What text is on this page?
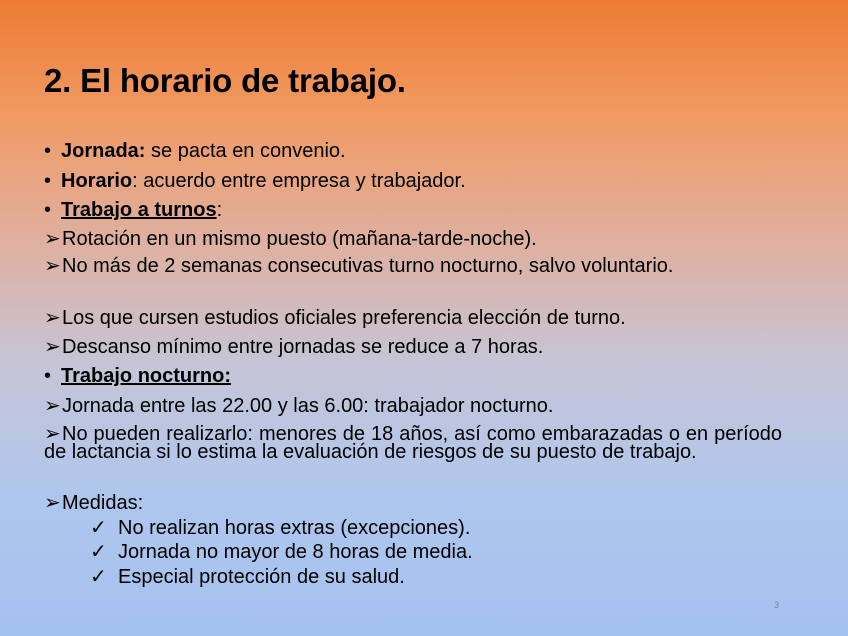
2. El horario de trabajo.
• Jornada: se pacta en convenio.
• Horario: acuerdo entre empresa y trabajador.
• Trabajo a turnos:
➢Rotación en un mismo puesto (mañana-tarde-noche).
➢No más de 2 semanas consecutivas turno nocturno, salvo voluntario.
➢Los que cursen estudios oficiales preferencia elección de turno.
➢Descanso mínimo entre jornadas se reduce a 7 horas.
• Trabajo nocturno:
➢Jornada entre las 22.00 y las 6.00: trabajador nocturno.
➢No pueden realizarlo: menores de 18 años, así como embarazadas o en período de lactancia si lo estima la evaluación de riesgos de su puesto de trabajo.
➢Medidas:
✓ No realizan horas extras (excepciones).
✓ Jornada no mayor de 8 horas de media.
✓ Especial protección de su salud.
3
